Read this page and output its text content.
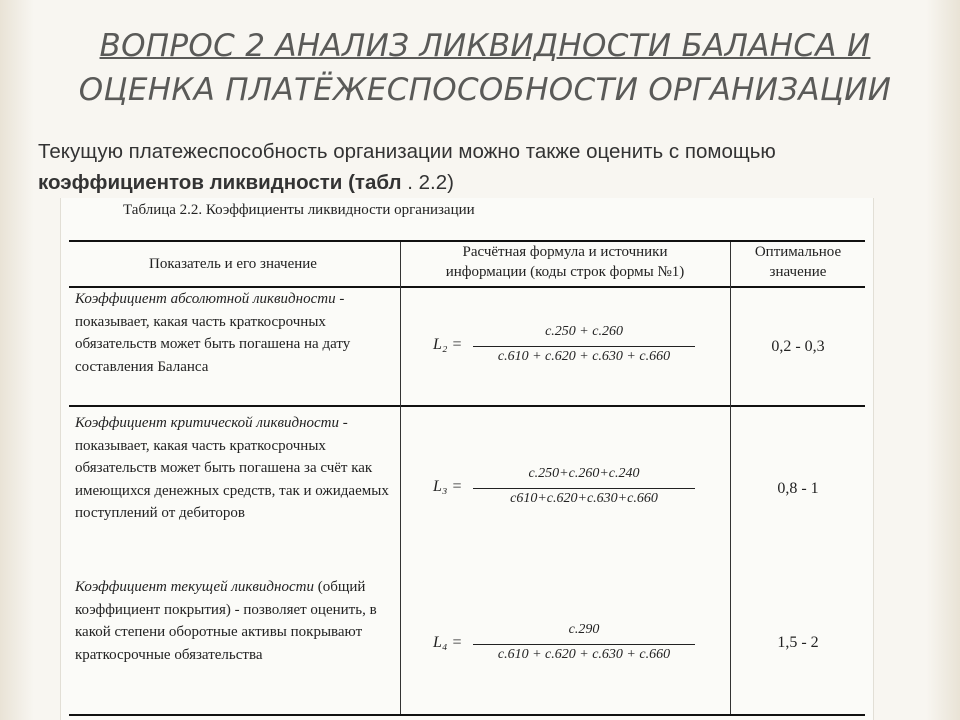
ВОПРОС 2 АНАЛИЗ ЛИКВИДНОСТИ БАЛАНСА И
ОЦЕНКА ПЛАТЁЖЕСПОСОБНОСТИ ОРГАНИЗАЦИИ
Текущую платежеспособность организации можно также оценить с помощью
коэффициентов ликвидности (табл . 2.2)
Таблица 2.2. Коэффициенты ликвидности организации
Показатель и его значение
Расчётная формула и источники
информации (коды строк формы №1)
Оптимальное
значение
Коэффициент абсолютной ликвидности - показывает, какая часть краткосрочных обязательств может быть погашена на дату составления Баланса
L₂ =
с.250 + с.260
с.610 + с.620 + с.630 + с.660
0,2 - 0,3
Коэффициент критической ликвидности - показывает, какая часть краткосрочных обязательств может быть погашена за счёт как имеющихся денежных средств, так и ожидаемых поступлений от дебиторов
L₃ =
с.250+с.260+с.240
с610+с.620+с.630+с.660
0,8 - 1
Коэффициент текущей ликвидности (общий коэффициент покрытия) - позволяет оценить, в какой степени оборотные активы покрывают краткосрочные обязательства
L₄ =
с.290
с.610 + с.620 + с.630 + с.660
1,5 - 2
